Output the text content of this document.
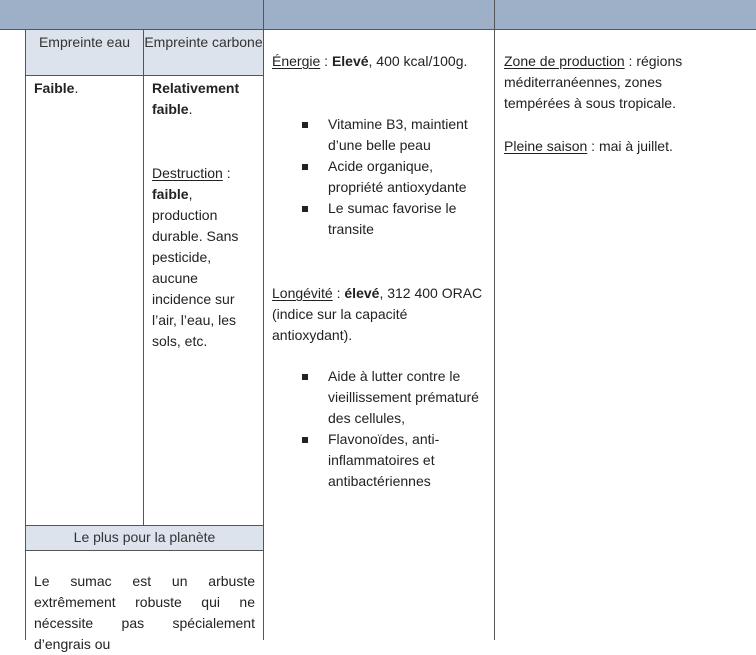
Empreinte eau	Empreinte carbone
Le plus pour la planète
Faible.	Relativement faible.
Destruction : faible, production durable. Sans pesticide, aucune incidence sur l’air, l’eau, les sols, etc.
Le sumac est un arbuste
extrêmement robuste qui ne
nécessite pas spécialement
d’engrais ou
Énergie : Elevé, 400 kcal/100g.
Vitamine B3, maintient d’une belle peau
Acide organique, propriété antioxydante
Le sumac favorise le transite
Longévité : élevé, 312 400 ORAC (indice sur la capacité antioxydant).
Aide à lutter contre le vieillissement prématuré des cellules,
Flavonoïdes, anti-inflammatoires et antibactériennes
Zone de production : régions méditerranéennes, zones tempérées à sous tropicale.
Pleine saison : mai à juillet.
